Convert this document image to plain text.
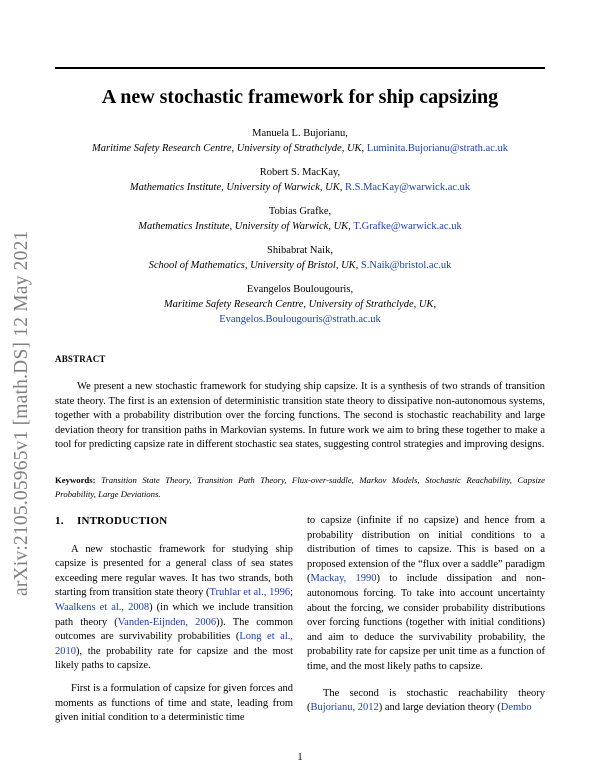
arXiv:2105.05965v1 [math.DS] 12 May 2021
A new stochastic framework for ship capsizing
Manuela L. Bujorianu,
Maritime Safety Research Centre, University of Strathclyde, UK, Luminita.Bujorianu@strath.ac.uk
Robert S. MacKay,
Mathematics Institute, University of Warwick, UK, R.S.MacKay@warwick.ac.uk
Tobias Grafke,
Mathematics Institute, University of Warwick, UK, T.Grafke@warwick.ac.uk
Shibabrat Naik,
School of Mathematics, University of Bristol, UK, S.Naik@bristol.ac.uk
Evangelos Boulougouris,
Maritime Safety Research Centre, University of Strathclyde, UK,
Evangelos.Boulougouris@strath.ac.uk
ABSTRACT
We present a new stochastic framework for studying ship capsize. It is a synthesis of two strands of transition state theory. The first is an extension of deterministic transition state theory to dissipative non-autonomous systems, together with a probability distribution over the forcing functions. The second is stochastic reachability and large deviation theory for transition paths in Markovian systems. In future work we aim to bring these together to make a tool for predicting capsize rate in different stochastic sea states, suggesting control strategies and improving designs.
Keywords: Transition State Theory, Transition Path Theory, Flux-over-saddle, Markov Models, Stochastic Reachability, Capsize Probability, Large Deviations.
1. INTRODUCTION

A new stochastic framework for studying ship capsize is presented for a general class of sea states exceeding mere regular waves. It has two strands, both starting from transition state theory (Truhlar et al., 1996; Waalkens et al., 2008) (in which we include transition path theory (Vanden-Eijnden, 2006)). The common outcomes are survivability probabilities (Long et al., 2010), the probability rate for capsize and the most likely paths to capsize.

First is a formulation of capsize for given forces and moments as functions of time and state, leading from given initial condition to a deterministic time

to capsize (infinite if no capsize) and hence from a probability distribution on initial conditions to a distribution of times to capsize. This is based on a proposed extension of the “flux over a saddle” paradigm (Mackay, 1990) to include dissipation and non-autonomous forcing. To take into account uncertainty about the forcing, we consider probability distributions over forcing functions (together with initial conditions) and aim to deduce the survivability probability, the probability rate for capsize per unit time as a function of time, and the most likely paths to capsize.

The second is stochastic reachability theory (Bujorianu, 2012) and large deviation theory (Dembo

1
